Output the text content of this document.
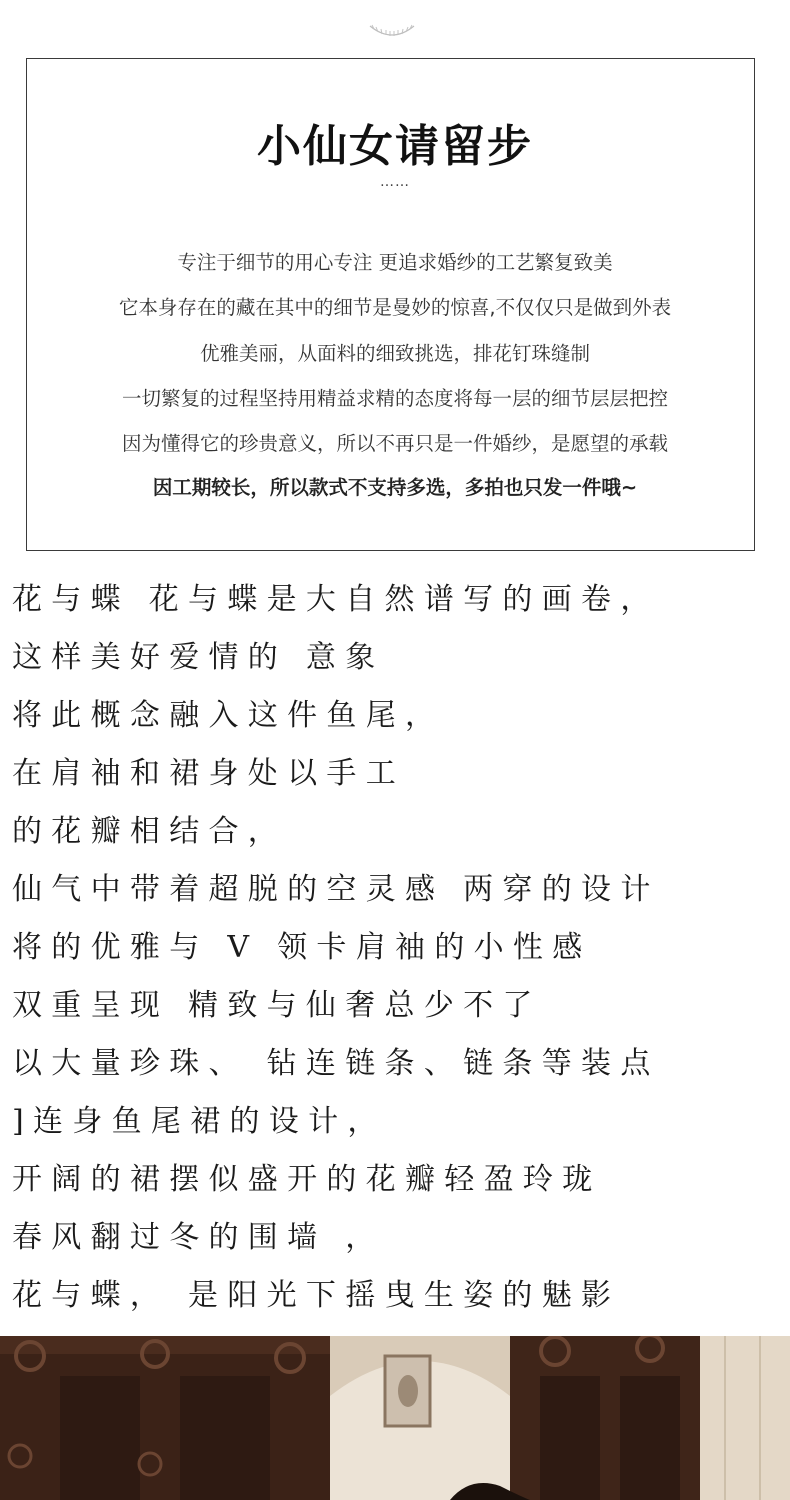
小仙女请留步
……
专注于细节的用心专注 更追求婚纱的工艺繁复致美
它本身存在的藏在其中的细节是曼妙的惊喜,不仅仅只是做到外表
优雅美丽，从面料的细致挑选，排花钉珠缝制
一切繁复的过程坚持用精益求精的态度将每一层的细节层层把控
因为懂得它的珍贵意义，所以不再只是一件婚纱，是愿望的承载
因工期较长，所以款式不支持多选，多拍也只发一件哦~
花与蝶 花与蝶是大自然谱写的画卷，
这样美好爱情的 意象
将此概念融入这件鱼尾，
在肩袖和裙身处以手工
的花瓣相结合，
仙气中带着超脱的空灵感 两穿的设计
将的优雅与 V 领卡肩袖的小性感
双重呈现 精致与仙奢总少不了
以大量珍珠、 钻连链条、链条等装点
]连身鱼尾裙的设计，
开阔的裙摆似盛开的花瓣轻盈玲珑
春风翻过冬的围墙 ，
花与蝶， 是阳光下摇曳生姿的魅影
